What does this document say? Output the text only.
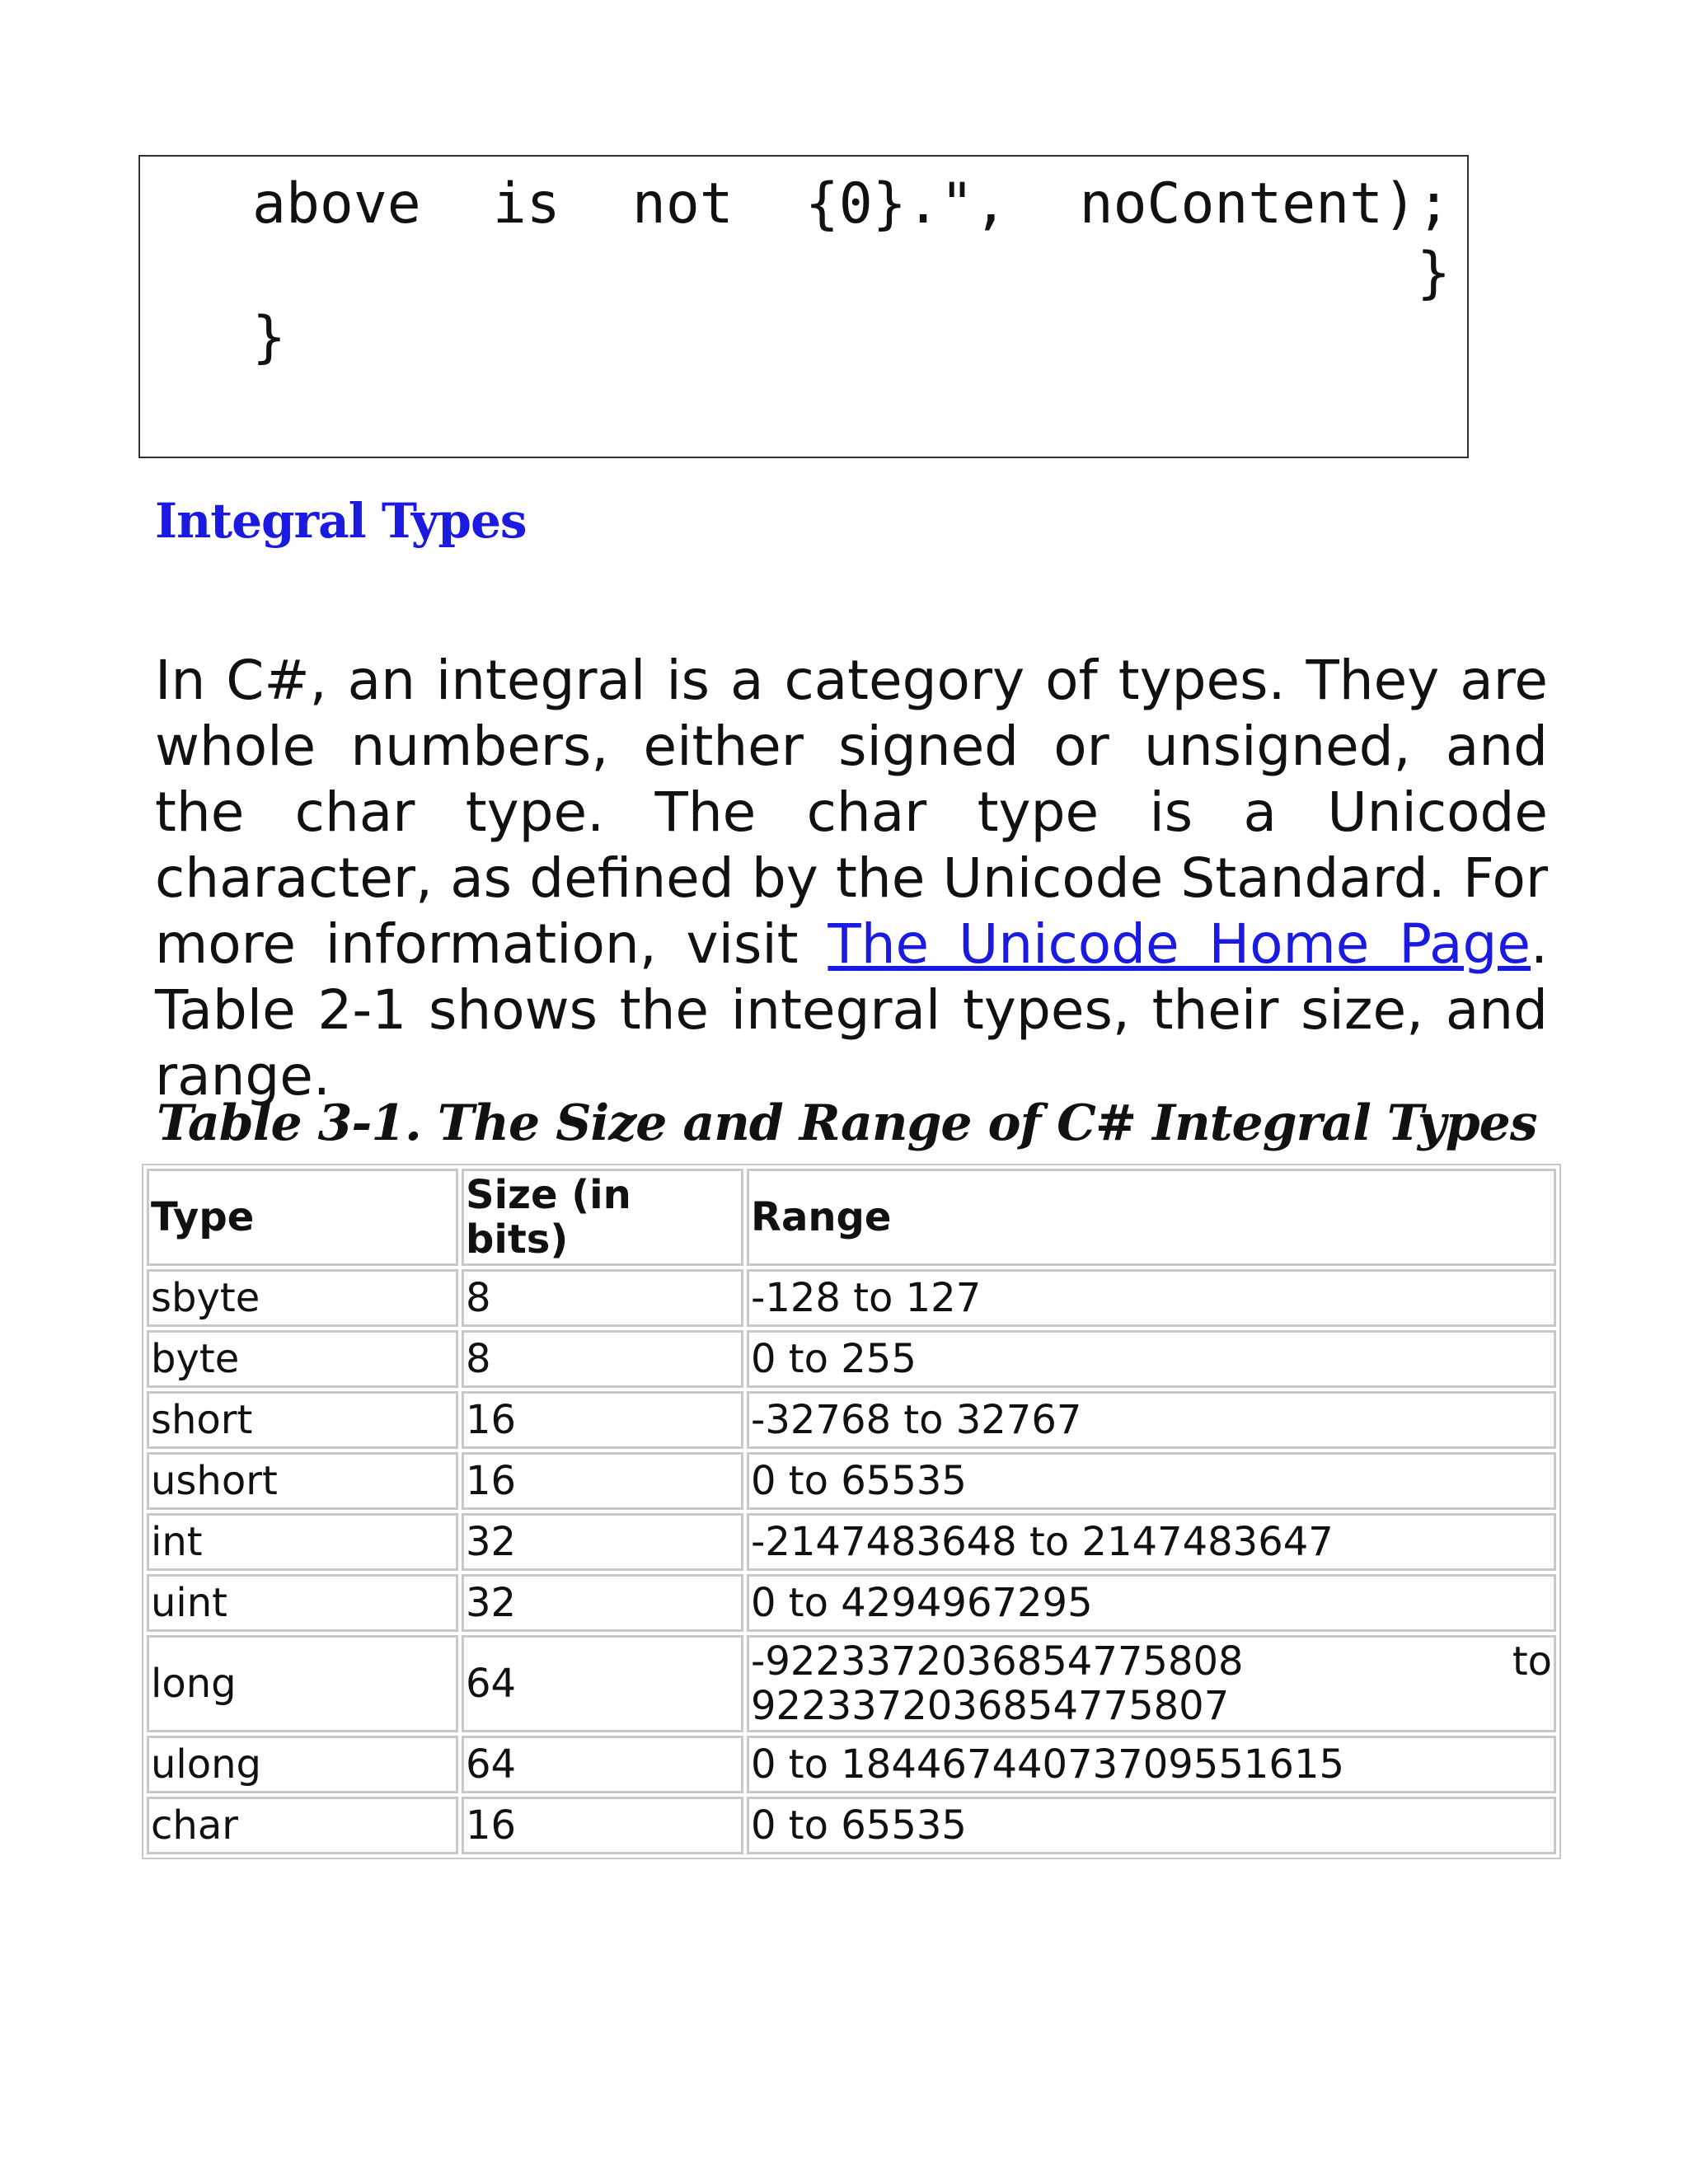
above is not {0}.", noContent);
}
}
Integral Types

In C#, an integral is a category of types. They are whole numbers, either signed or unsigned, and the char type. The char type is a Unicode character, as defined by the Unicode Standard. For more information, visit The Unicode Home Page. Table 2-1 shows the integral types, their size, and range.

Table 3-1. The Size and Range of C# Integral Types
Type	Size (in bits)	Range
sbyte	8	-128 to 127
byte	8	0 to 255
short	16	-32768 to 32767
ushort	16	0 to 65535
int	32	-2147483648 to 2147483647
uint	32	0 to 4294967295
long	64	-9223372036854775808 to
9223372036854775807

ulong	64	0 to 18446744073709551615
char	16	0 to 65535
